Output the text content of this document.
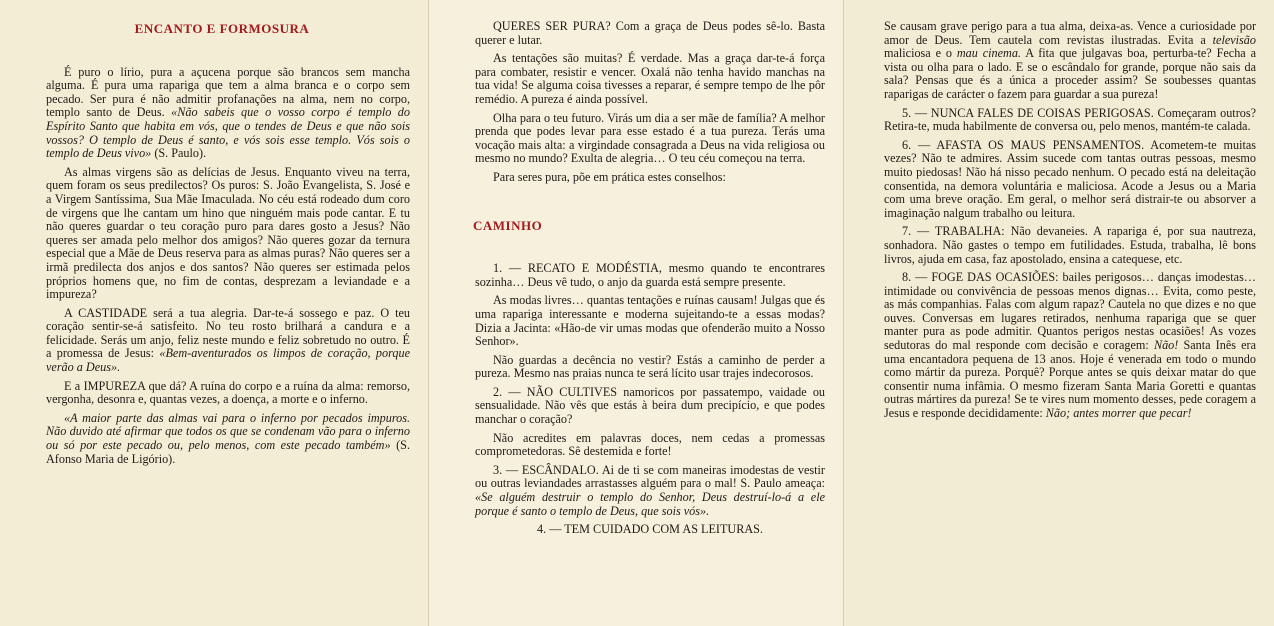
ENCANTO E FORMOSURA

É puro o lírio, pura a açucena porque são brancos sem mancha alguma. É pura uma rapariga que tem a alma branca e o corpo sem pecado. Ser pura é não admitir profanações na alma, nem no corpo, templo santo de Deus. «Não sabeis que o vosso corpo é templo do Espírito Santo que habita em vós, que o tendes de Deus e que não sois vossos? O templo de Deus é santo, e vós sois esse templo. Vós sois o templo de Deus vivo» (S. Paulo).

As almas virgens são as delícias de Jesus. Enquanto viveu na terra, quem foram os seus predilectos? Os puros: S. João Evangelista, S. José e a Virgem Santíssima, Sua Mãe Imaculada. No céu está rodeado dum coro de virgens que lhe cantam um hino que ninguém mais pode cantar. E tu não queres guardar o teu coração puro para dares gosto a Jesus? Não queres ser amada pelo melhor dos amigos? Não queres gozar da ternura especial que a Mãe de Deus reserva para as almas puras? Não queres ser a irmã predilecta dos anjos e dos santos? Não queres ser estimada pelos próprios homens que, no fim de contas, desprezam a leviandade e a impureza?

A CASTIDADE será a tua alegria. Dar-te-á sossego e paz. O teu coração sentir-se-á satisfeito. No teu rosto brilhará a candura e a felicidade. Serás um anjo, feliz neste mundo e feliz sobretudo no outro. É a promessa de Jesus: «Bem-aventurados os limpos de coração, porque verão a Deus».

E a IMPUREZA que dá? A ruína do corpo e a ruína da alma: remorso, vergonha, desonra e, quantas vezes, a doença, a morte e o inferno.

«A maior parte das almas vai para o inferno por pecados impuros. Não duvido até afirmar que todos os que se condenam vão para o inferno ou só por este pecado ou, pelo menos, com este pecado também» (S. Afonso Maria de Ligório).

QUERES SER PURA? Com a graça de Deus podes sê-lo. Basta querer e lutar.

As tentações são muitas? É verdade. Mas a graça dar-te-á força para combater, resistir e vencer. Oxalá não tenha havido manchas na tua vida! Se alguma coisa tivesses a reparar, é sempre tempo de lhe pôr remédio. A pureza é ainda possível.

Olha para o teu futuro. Virás um dia a ser mãe de família? A melhor prenda que podes levar para esse estado é a tua pureza. Terás uma vocação mais alta: a virgindade consagrada a Deus na vida religiosa ou mesmo no mundo? Exulta de alegria… O teu céu começou na terra.

Para seres pura, põe em prática estes conselhos:

CAMINHO

1. — RECATO E MODÉSTIA, mesmo quando te encontrares sozinha… Deus vê tudo, o anjo da guarda está sempre presente.

As modas livres… quantas tentações e ruínas causam! Julgas que és uma rapariga interessante e moderna sujeitando-te a essas modas? Dizia a Jacinta: «Hão-de vir umas modas que ofenderão muito a Nosso Senhor».

Não guardas a decência no vestir? Estás a caminho de perder a pureza. Mesmo nas praias nunca te será lícito usar trajes indecorosos.

2. — NÃO CULTIVES namoricos por passatempo, vaidade ou sensualidade. Não vês que estás à beira dum precipício, e que podes manchar o coração?

Não acredites em palavras doces, nem cedas a promessas comprometedoras. Sê destemida e forte!

3. — ESCÂNDALO. Ai de ti se com maneiras imodestas de vestir ou outras leviandades arrastasses alguém para o mal! S. Paulo ameaça: «Se alguém destruir o templo do Senhor, Deus destruí-lo-á a ele porque é santo o templo de Deus, que sois vós».

4. — TEM CUIDADO COM AS LEITURAS.

Se causam grave perigo para a tua alma, deixa-as. Vence a curiosidade por amor de Deus. Tem cautela com revistas ilustradas. Evita a televisão maliciosa e o mau cinema. A fita que julgavas boa, perturba-te? Fecha a vista ou olha para o lado. E se o escândalo for grande, porque não sais da sala? Pensas que és a única a proceder assim? Se soubesses quantas raparigas de carácter o fazem para guardar a sua pureza!

5. — NUNCA FALES DE COISAS PERIGOSAS. Começaram outros? Retira-te, muda habilmente de conversa ou, pelo menos, mantém-te calada.

6. — AFASTA OS MAUS PENSAMENTOS. Acometem-te muitas vezes? Não te admires. Assim sucede com tantas outras pessoas, mesmo muito piedosas! Não há nisso pecado nenhum. O pecado está na deleitação consentida, na demora voluntária e maliciosa. Acode a Jesus ou a Maria com uma breve oração. Em geral, o melhor será distrair-te ou absorver a imaginação nalgum trabalho ou leitura.

7. — TRABALHA: Não devaneies. A rapariga é, por sua nautreza, sonhadora. Não gastes o tempo em futilidades. Estuda, trabalha, lê bons livros, ajuda em casa, faz apostolado, ensina a catequese, etc.

8. — FOGE DAS OCASIÕES: bailes perigosos… danças imodestas… intimidade ou convivência de pessoas menos dignas… Evita, como peste, as más companhias. Falas com algum rapaz? Cautela no que dizes e no que ouves. Conversas em lugares retirados, nenhuma rapariga que se quer manter pura as pode admitir. Quantos perigos nestas ocasiões! As vozes sedutoras do mal responde com decisão e coragem: Não! Santa Inês era uma encantadora pequena de 13 anos. Hoje é venerada em todo o mundo como mártir da pureza. Porquê? Porque antes se quis deixar matar do que consentir numa infâmia. O mesmo fizeram Santa Maria Goretti e quantas outras mártires da pureza! Se te vires num momento desses, pede coragem a Jesus e responde decididamente: Não; antes morrer que pecar!
